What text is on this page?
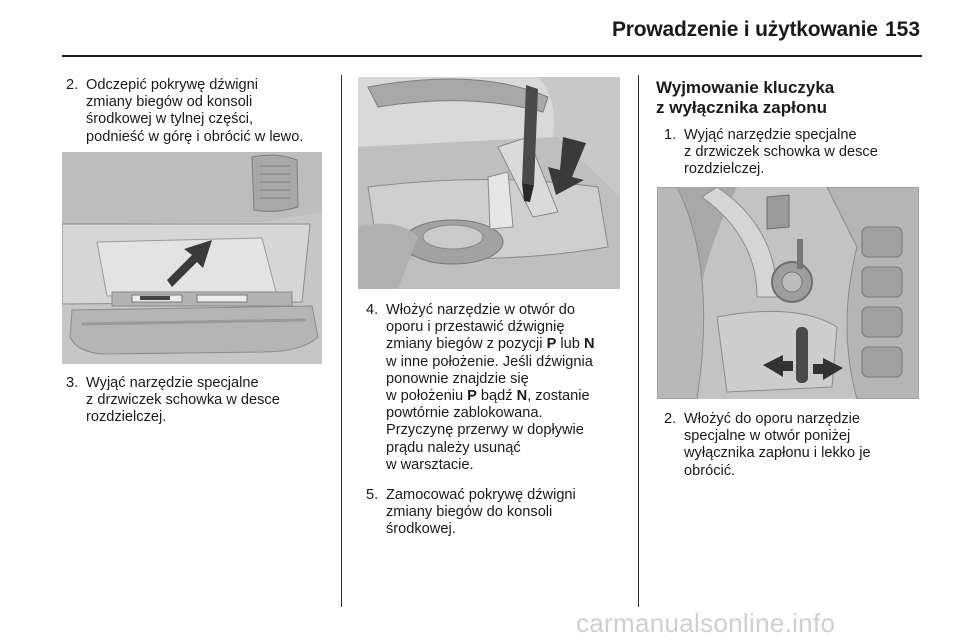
Prowadzenie i użytkowanie 153
2. Odczepić pokrywę dźwigni
zmiany biegów od konsoli
środkowej w tylnej części,
podnieść w górę i obrócić w lewo.
3. Wyjąć narzędzie specjalne
z drzwiczek schowka w desce
rozdzielczej.
4. Włożyć narzędzie w otwór do
oporu i przestawić dźwignię
zmiany biegów z pozycji P lub N
w inne położenie. Jeśli dźwignia
ponownie znajdzie się
w położeniu P bądź N, zostanie
powtórnie zablokowana.
Przyczynę przerwy w dopływie
prądu należy usunąć
w warsztacie.
5. Zamocować pokrywę dźwigni
zmiany biegów do konsoli
środkowej.
Wyjmowanie kluczyka
z wyłącznika zapłonu
1. Wyjąć narzędzie specjalne
z drzwiczek schowka w desce
rozdzielczej.
2. Włożyć do oporu narzędzie
specjalne w otwór poniżej
wyłącznika zapłonu i lekko je
obrócić.
carmanualsonline.info
